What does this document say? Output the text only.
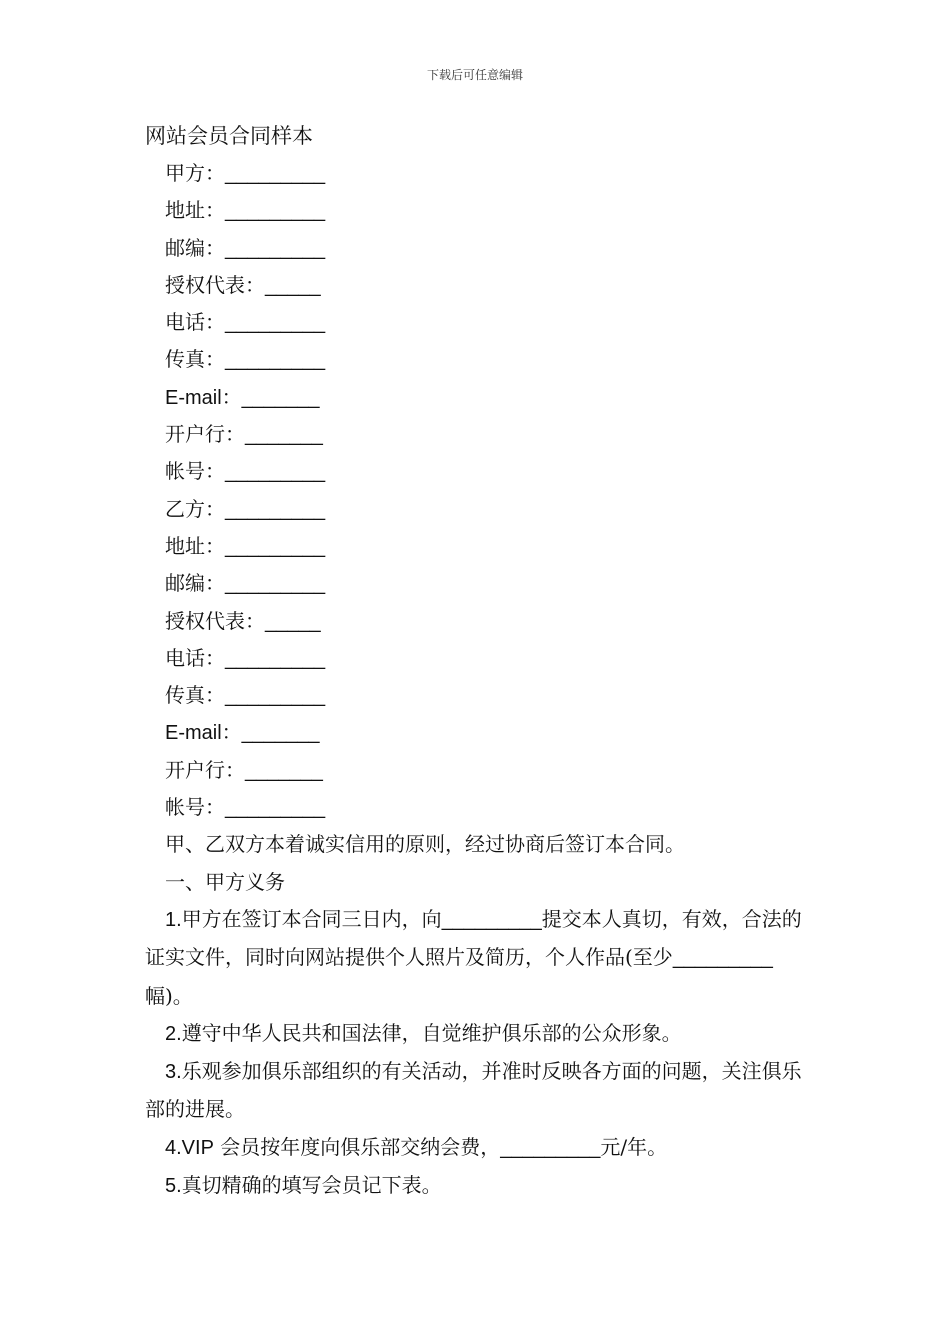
下载后可任意编辑
网站会员合同样本
甲方：_________
地址：_________
邮编：_________
授权代表：_____
电话：_________
传真：_________
E-mail：_______
开户行：_______
帐号：_________
乙方：_________
地址：_________
邮编：_________
授权代表：_____
电话：_________
传真：_________
E-mail：_______
开户行：_______
帐号：_________

甲、乙双方本着诚实信用的原则，经过协商后签订本合同。

一、甲方义务

1.甲方在签订本合同三日内，向_________提交本人真切，有效，合法的证实文件，同时向网站提供个人照片及简历，个人作品(至少_________幅)。

2.遵守中华人民共和国法律，自觉维护俱乐部的公众形象。

3.乐观参加俱乐部组织的有关活动，并准时反映各方面的问题，关注俱乐部的进展。

4.VIP 会员按年度向俱乐部交纳会费，_________元/年。

5.真切精确的填写会员记下表。
